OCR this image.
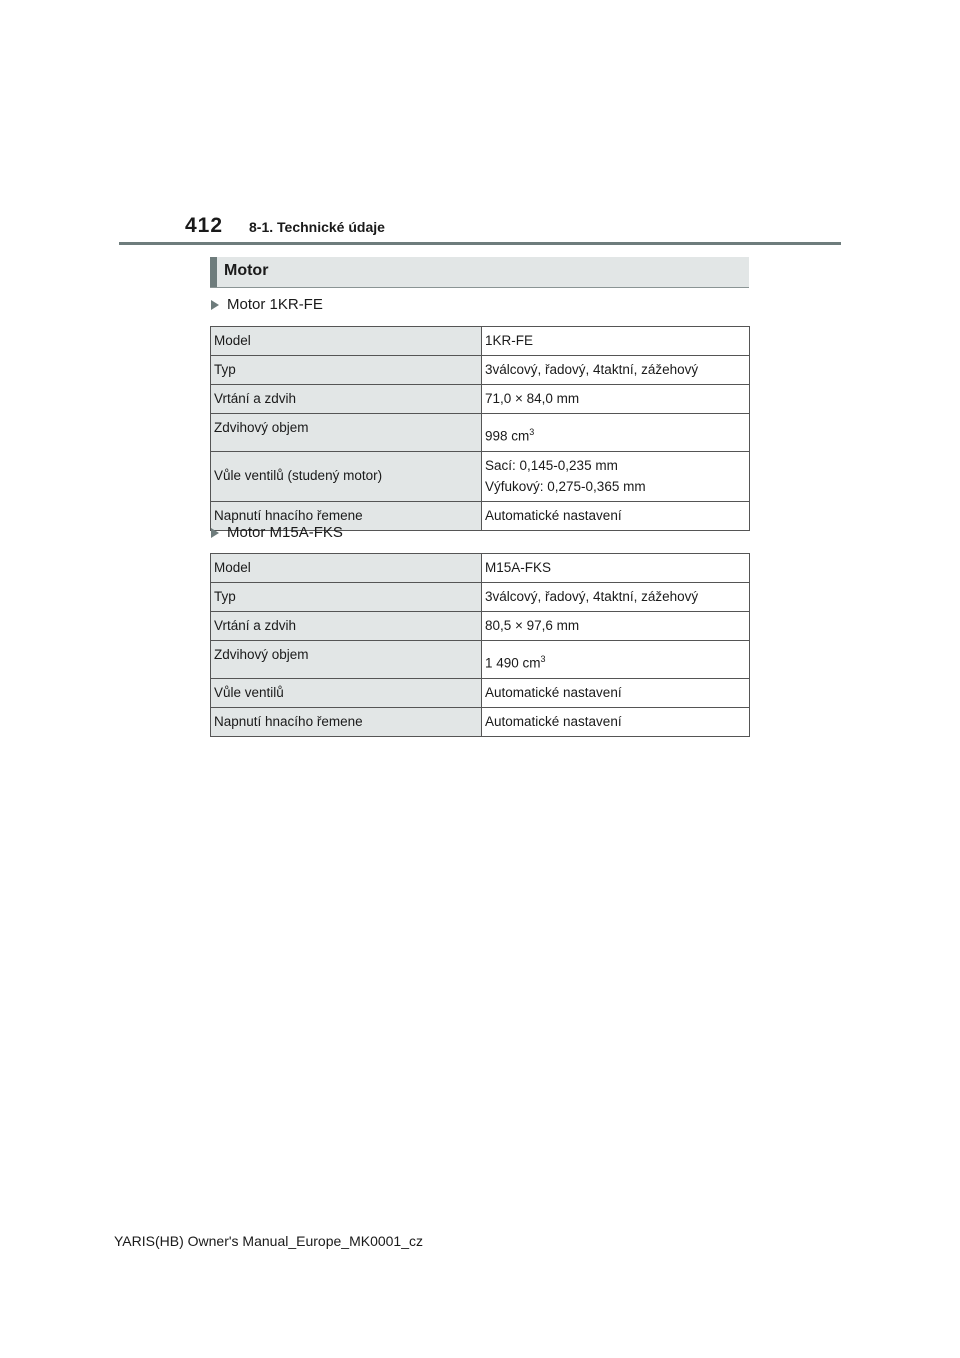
412 8-1. Technické údaje
Motor
Motor 1KR-FE
Model	1KR-FE
Typ	3válcový, řadový, 4taktní, zážehový
Vrtání a zdvih	71,0 × 84,0 mm
Zdvihový objem	998 $cm^3$
Vůle ventilů (studený motor)	Sací: 0,145-0,235 mm
Výfukový: 0,275-0,365 mm

Napnutí hnacího řemene	Automatické nastavení
Motor M15A-FKS
Model	M15A-FKS
Typ	3válcový, řadový, 4taktní, zážehový
Vrtání a zdvih	80,5 × 97,6 mm
Zdvihový objem	1 490 $cm^3$
Vůle ventilů	Automatické nastavení
Napnutí hnacího řemene	Automatické nastavení
YARIS(HB) Owner's Manual_Europe_MK0001_cz
